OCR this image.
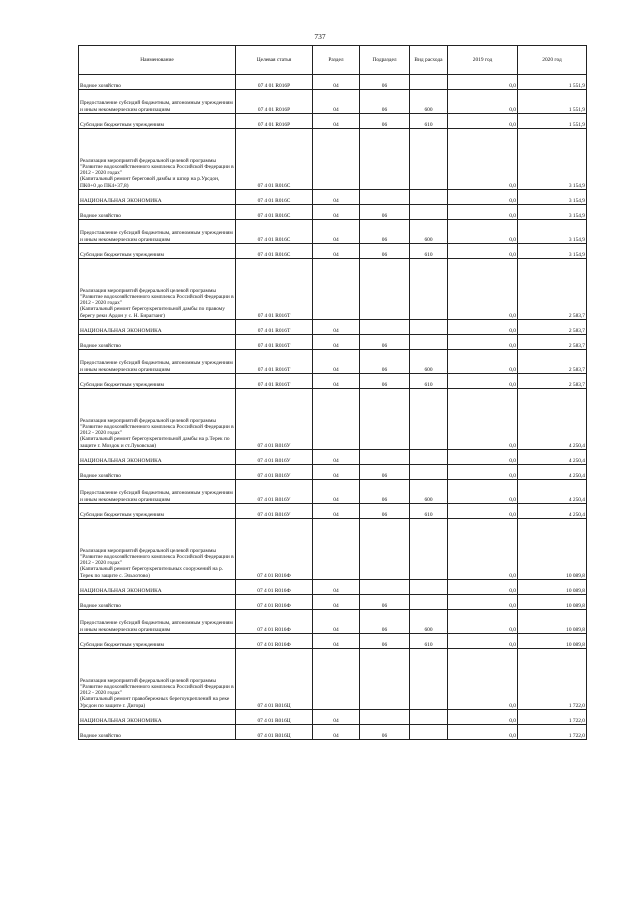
737
Наименование	Целевая статья	Раздел	Подраздел	Вид расхода	2019 год	2020 год
Водное хозяйство	07 4 01 R016P	04	06		0,0	1 551,9
Предоставление субсидий бюджетным, автономным учреждениям и иным некоммерческим организациям	07 4 01 R016P	04	06	600	0,0	1 551,9
Субсидии бюджетным учреждениям	07 4 01 R016P	04	06	610	0,0	1 551,9
Реализация мероприятий федеральной целевой программы "Развитие водохозяйственного комплекса Российской Федерации в 2012 - 2020 годах"
(Капитальный ремонт береговой дамбы и шпор на р.Урсдон, ПК0+0 до ПК4+37,8)	07 4 01 R016С				0,0	3 154,9
НАЦИОНАЛЬНАЯ ЭКОНОМИКА	07 4 01 R016С	04			0,0	3 154,9
Водное хозяйство	07 4 01 R016С	04	06		0,0	3 154,9
Предоставление субсидий бюджетным, автономным учреждениям и иным некоммерческим организациям	07 4 01 R016С	04	06	600	0,0	3 154,9
Субсидии бюджетным учреждениям	07 4 01 R016С	04	06	610	0,0	3 154,9
Реализация мероприятий федеральной целевой программы "Развитие водохозяйственного комплекса Российской Федерации в 2012 - 2020 годах"
(Капитальный ремонт берегоукрепительной дамбы по правому берегу реки Ардон у с. Н. Бирагзанг)	07 4 01 R016T				0,0	2 583,7
НАЦИОНАЛЬНАЯ ЭКОНОМИКА	07 4 01 R016T	04			0,0	2 583,7
Водное хозяйство	07 4 01 R016T	04	06		0,0	2 583,7
Предоставление субсидий бюджетным, автономным учреждениям и иным некоммерческим организациям	07 4 01 R016T	04	06	600	0,0	2 583,7
Субсидии бюджетным учреждениям	07 4 01 R016T	04	06	610	0,0	2 583,7
Реализация мероприятий федеральной целевой программы "Развитие водохозяйственного комплекса Российской Федерации в 2012 - 2020 годах"
(Капитальный ремонт берегоукрепительной дамбы на р.Терек по защите г. Моздок и ст.Луковская)	07 4 01 R016У				0,0	4 250,4
НАЦИОНАЛЬНАЯ ЭКОНОМИКА	07 4 01 R016У	04			0,0	4 250,4
Водное хозяйство	07 4 01 R016У	04	06		0,0	4 250,4
Предоставление субсидий бюджетным, автономным учреждениям и иным некоммерческим организациям	07 4 01 R016У	04	06	600	0,0	4 250,4
Субсидии бюджетным учреждениям	07 4 01 R016У	04	06	610	0,0	4 250,4
Реализация мероприятий федеральной целевой программы "Развитие водохозяйственного комплекса Российской Федерации в 2012 - 2020 годах"
(Капитальный ремонт берегоукрепительных сооружений на р. Терек по защите с. Эльхотово)	07 4 01 R016Ф				0,0	10 089,8
НАЦИОНАЛЬНАЯ ЭКОНОМИКА	07 4 01 R016Ф	04			0,0	10 089,8
Водное хозяйство	07 4 01 R016Ф	04	06		0,0	10 089,8
Предоставление субсидий бюджетным, автономным учреждениям и иным некоммерческим организациям	07 4 01 R016Ф	04	06	600	0,0	10 089,8
Субсидии бюджетным учреждениям	07 4 01 R016Ф	04	06	610	0,0	10 089,8
Реализация мероприятий федеральной целевой программы "Развитие водохозяйственного комплекса Российской Федерации в 2012 - 2020 годах"
(Капитальный ремонт правобережных берегоукреплений на реке Урсдон по защите г. Дигора)	07 4 01 R016Ц				0,0	1 722,0
НАЦИОНАЛЬНАЯ ЭКОНОМИКА	07 4 01 R016Ц	04			0,0	1 722,0
Водное хозяйство	07 4 01 R016Ц	04	06		0,0	1 722,0
